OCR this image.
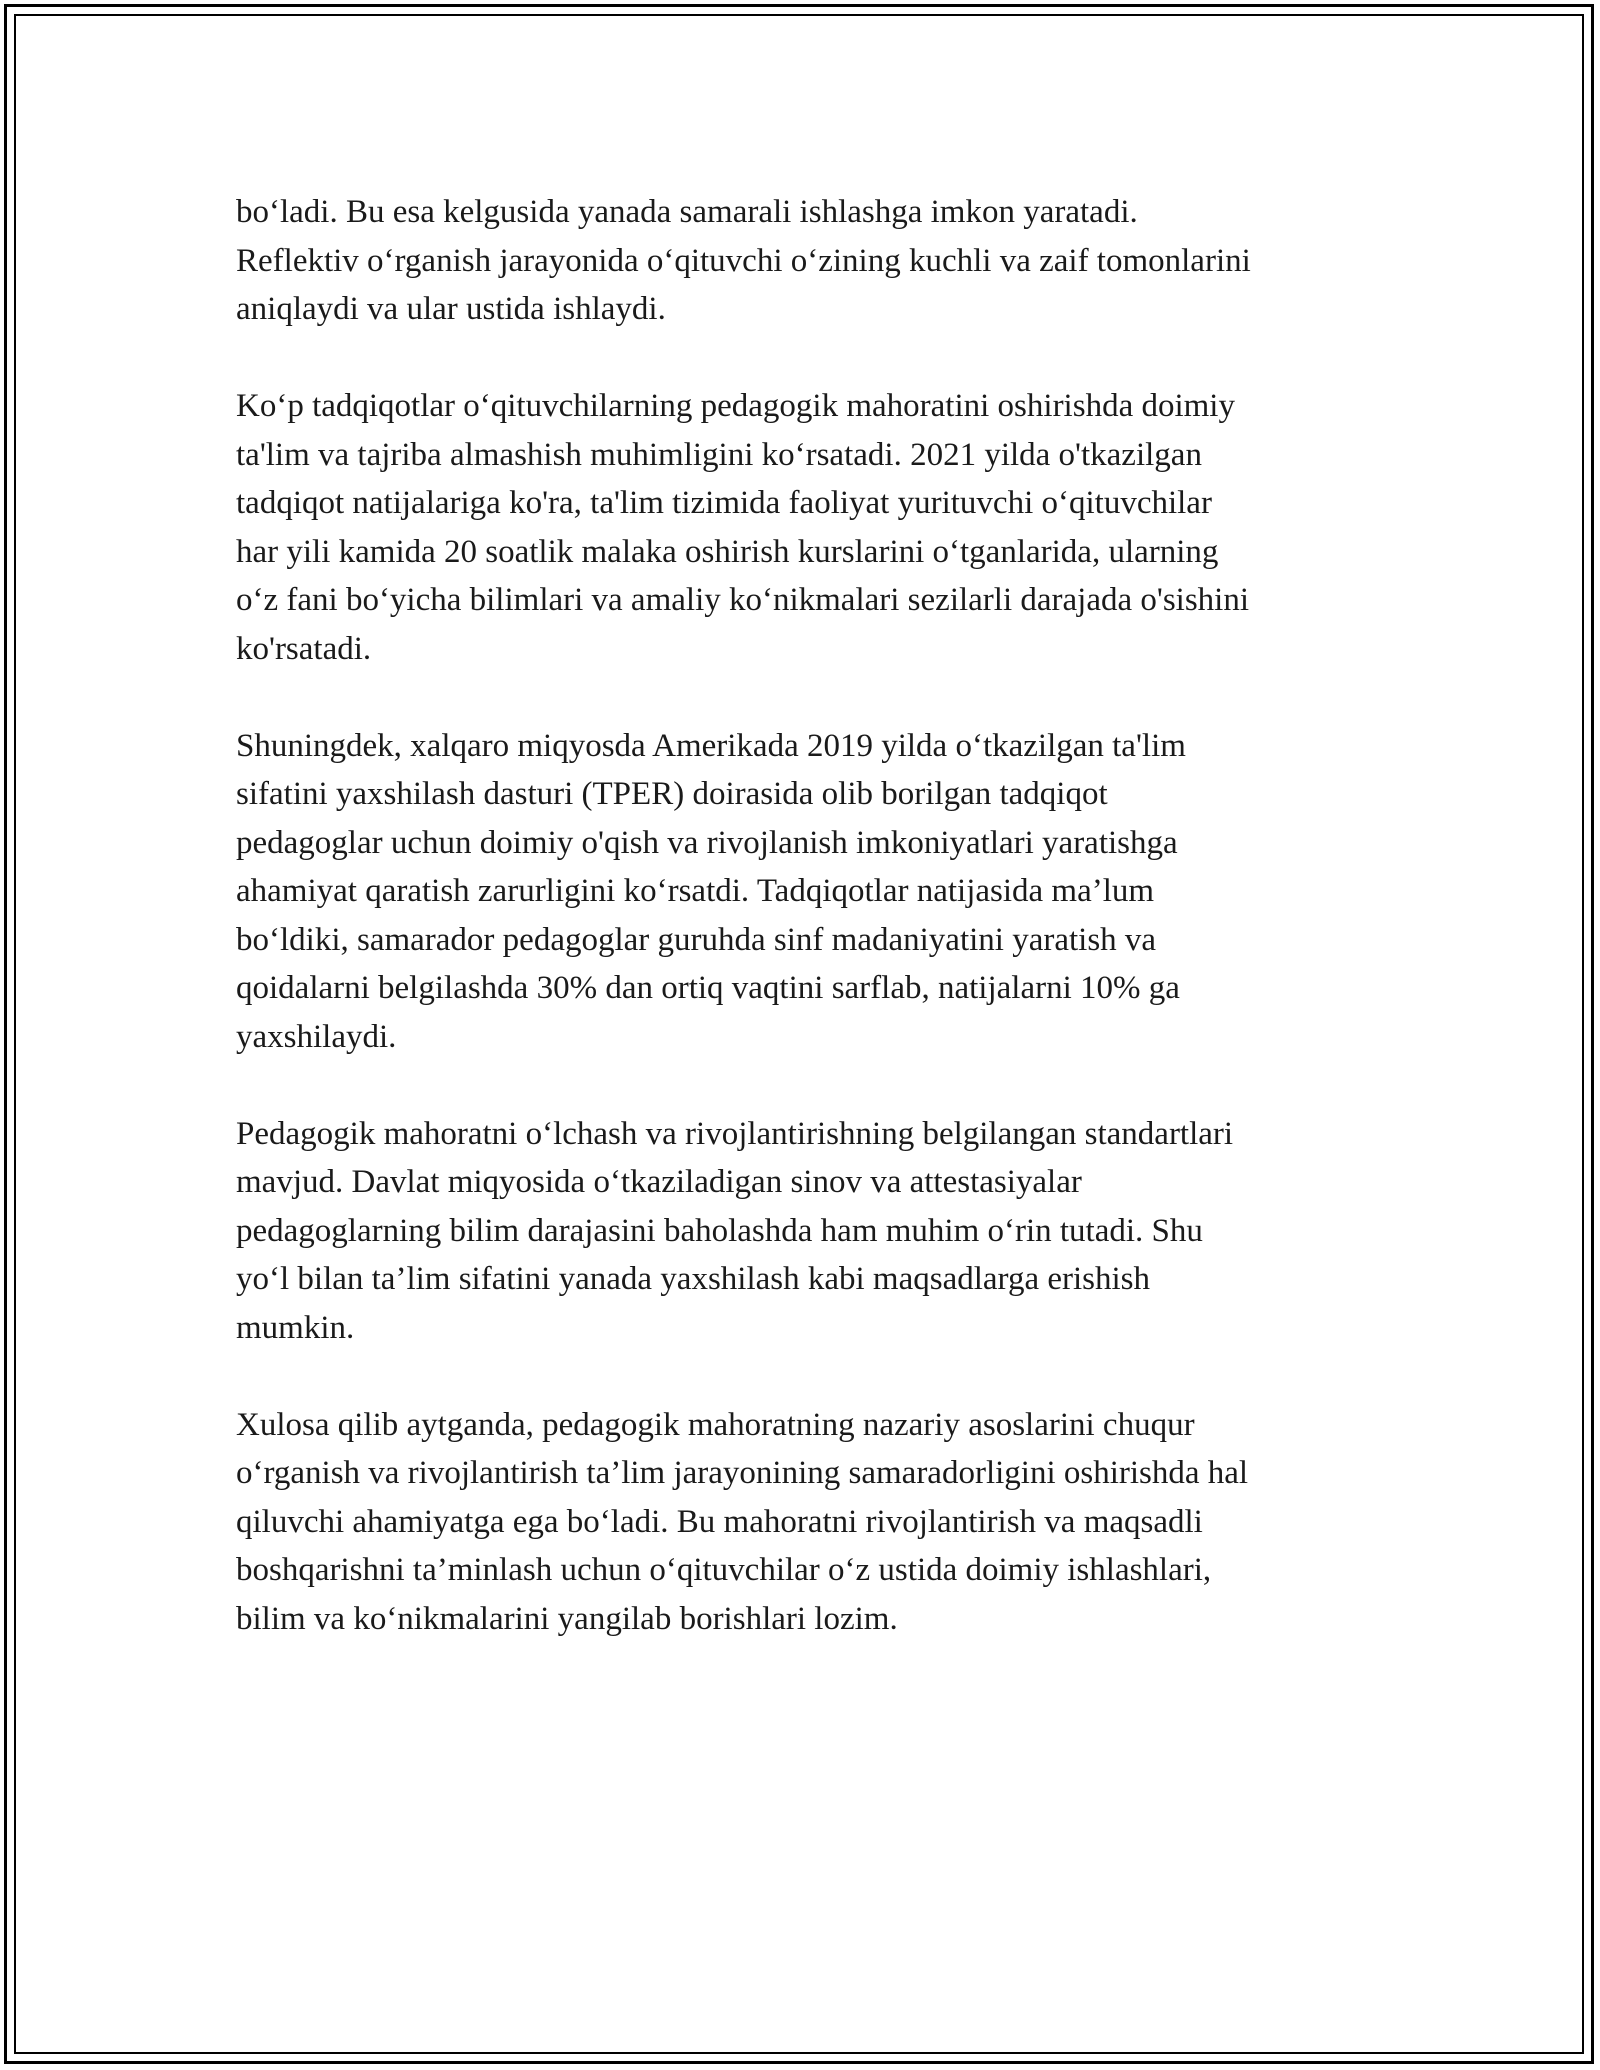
bo‘ladi. Bu esa kelgusida yanada samarali ishlashga imkon yaratadi.
Reflektiv o‘rganish jarayonida o‘qituvchi o‘zining kuchli va zaif tomonlarini
aniqlaydi va ular ustida ishlaydi.

Ko‘p tadqiqotlar o‘qituvchilarning pedagogik mahoratini oshirishda doimiy
ta'lim va tajriba almashish muhimligini ko‘rsatadi. 2021 yilda o'tkazilgan
tadqiqot natijalariga ko'ra, ta'lim tizimida faoliyat yurituvchi o‘qituvchilar
har yili kamida 20 soatlik malaka oshirish kurslarini o‘tganlarida, ularning
o‘z fani bo‘yicha bilimlari va amaliy ko‘nikmalari sezilarli darajada o'sishini
ko'rsatadi.

Shuningdek, xalqaro miqyosda Amerikada 2019 yilda o‘tkazilgan ta'lim
sifatini yaxshilash dasturi (TPER) doirasida olib borilgan tadqiqot
pedagoglar uchun doimiy o'qish va rivojlanish imkoniyatlari yaratishga
ahamiyat qaratish zarurligini ko‘rsatdi. Tadqiqotlar natijasida ma’lum
bo‘ldiki, samarador pedagoglar guruhda sinf madaniyatini yaratish va
qoidalarni belgilashda 30% dan ortiq vaqtini sarflab, natijalarni 10% ga
yaxshilaydi.

Pedagogik mahoratni o‘lchash va rivojlantirishning belgilangan standartlari
mavjud. Davlat miqyosida o‘tkaziladigan sinov va attestasiyalar
pedagoglarning bilim darajasini baholashda ham muhim o‘rin tutadi. Shu
yo‘l bilan ta’lim sifatini yanada yaxshilash kabi maqsadlarga erishish
mumkin.

Xulosa qilib aytganda, pedagogik mahoratning nazariy asoslarini chuqur
o‘rganish va rivojlantirish ta’lim jarayonining samaradorligini oshirishda hal
qiluvchi ahamiyatga ega bo‘ladi. Bu mahoratni rivojlantirish va maqsadli
boshqarishni ta’minlash uchun o‘qituvchilar o‘z ustida doimiy ishlashlari,
bilim va ko‘nikmalarini yangilab borishlari lozim.
